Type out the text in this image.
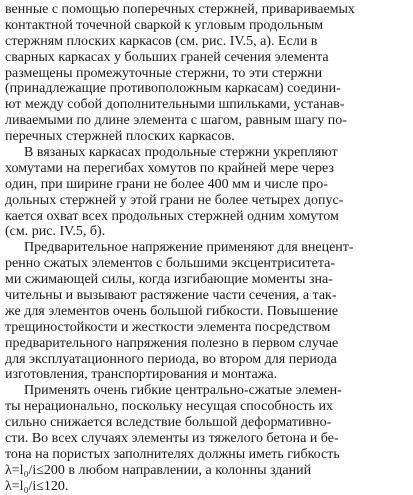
венные с помощью поперечных стержней, привариваемых
контактной точечной сваркой к угловым продольным
стержням плоских каркасов (см. рис. IV.5, а). Если в
сварных каркасах у больших граней сечения элемента
размещены промежуточные стержни, то эти стержни
(принадлежащие противоположным каркасам) соедини-
ют между собой дополнительными шпильками, устанав-
ливаемыми по длине элемента с шагом, равным шагу по-
перечных стержней плоских каркасов.
В вязаных каркасах продольные стержни укрепляют
хомутами на перегибах хомутов по крайней мере через
один, при ширине грани не более 400 мм и числе про-
дольных стержней у этой грани не более четырех допус-
кается охват всех продольных стержней одним хомутом
(см. рис. IV.5, б).
Предварительное напряжение применяют для внецент-
ренно сжатых элементов с большими эксцентриситета-
ми сжимающей силы, когда изгибающие моменты зна-
чительны и вызывают растяжение части сечения, а так-
же для элементов очень большой гибкости. Повышение
трещиностойкости и жесткости элемента посредством
предварительного напряжения полезно в первом случае
для эксплуатационного периода, во втором для периода
изготовления, транспортирования и монтажа.
Применять очень гибкие центрально-сжатые элемен-
ты нерационально, поскольку несущая способность их
сильно снижается вследствие большой деформативно-
сти. Во всех случаях элементы из тяжелого бетона и бе-
тона на пористых заполнителях должны иметь гибкость
λ=l₀/i≤200 в любом направлении, а колонны зданий
λ=l₀/i≤120.
